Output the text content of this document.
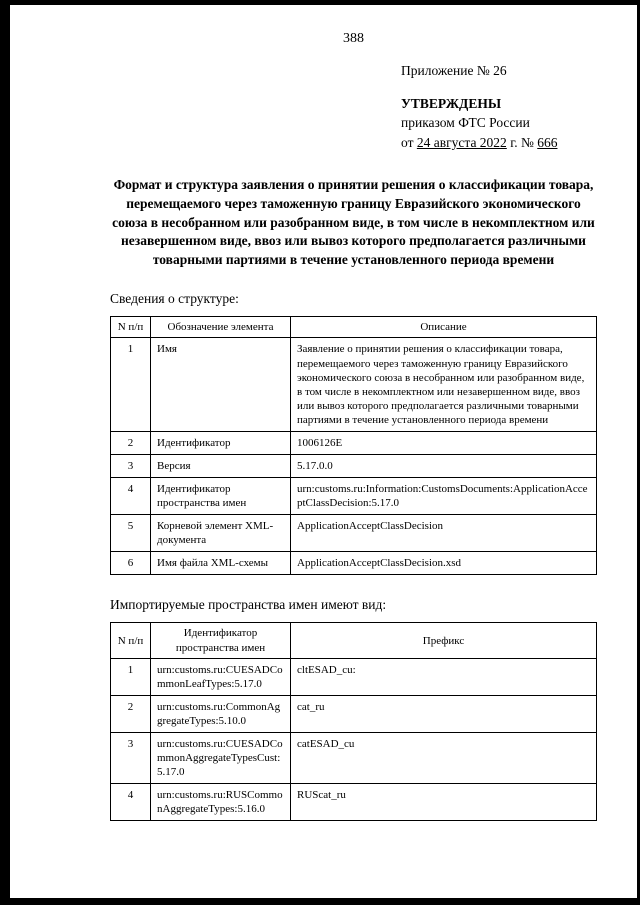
388
Приложение № 26
УТВЕРЖДЕНЫ
приказом ФТС России
от 24 августа 2022 г. № 666
Формат и структура заявления о принятии решения о классификации товара, перемещаемого через таможенную границу Евразийского экономического союза в несобранном или разобранном виде, в том числе в некомплектном или незавершенном виде, ввоз или вывоз которого предполагается различными товарными партиями в течение установленного периода времени
Сведения о структуре:
N п/п	Обозначение элемента	Описание
1	Имя	Заявление о принятии решения о классификации товара, перемещаемого через таможенную границу Евразийского экономического союза в несобранном или разобранном виде, в том числе в некомплектном или незавершенном виде, ввоз или вывоз которого предполагается различными товарными партиями в течение установленного периода времени
2	Идентификатор	1006126E
3	Версия	5.17.0.0
4	Идентификатор пространства имен	urn:customs.ru:Information:CustomsDocuments:ApplicationAcceptClassDecision:5.17.0
5	Корневой элемент XML-документа	ApplicationAcceptClassDecision
6	Имя файла XML-схемы	ApplicationAcceptClassDecision.xsd
Импортируемые пространства имен имеют вид:
N п/п	Идентификатор пространства имен	Префикс
1	urn:customs.ru:CUESADCommonLeafTypes:5.17.0	cltESAD_cu:
2	urn:customs.ru:CommonAggregateTypes:5.10.0	cat_ru
3	urn:customs.ru:CUESADCommonAggregateTypesCust:5.17.0	catESAD_cu
4	urn:customs.ru:RUSCommonAggregateTypes:5.16.0	RUScat_ru
